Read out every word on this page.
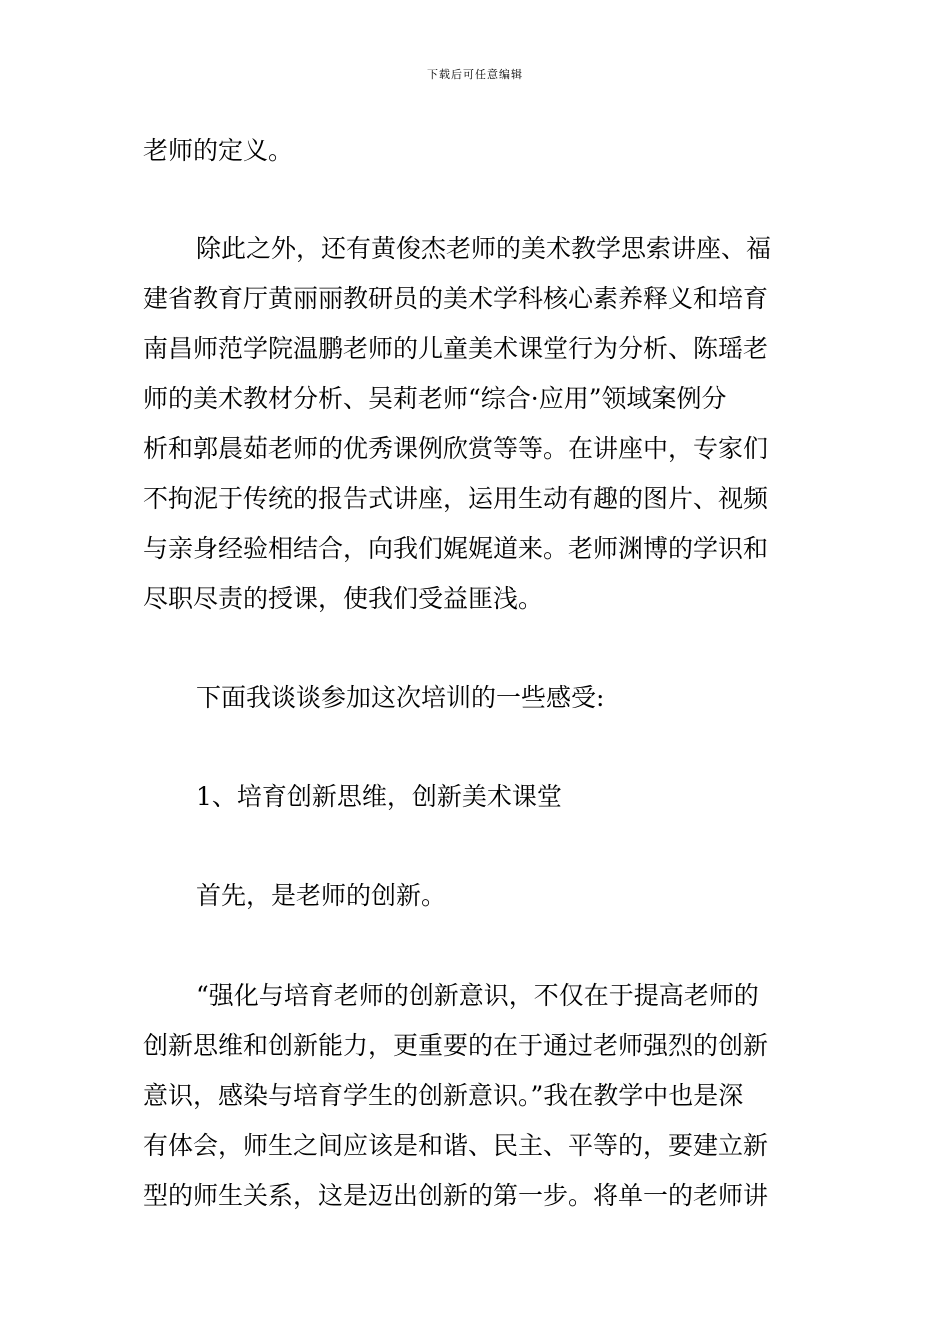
下载后可任意编辑
老师的定义。
除此之外，还有黄俊杰老师的美术教学思索讲座、福
建省教育厅黄丽丽教研员的美术学科核心素养释义和培育
南昌师范学院温鹏老师的儿童美术课堂行为分析、陈瑶老
师的美术教材分析、吴莉老师“综合·应用”领域案例分
析和郭晨茹老师的优秀课例欣赏等等。在讲座中，专家们
不拘泥于传统的报告式讲座，运用生动有趣的图片、视频
与亲身经验相结合，向我们娓娓道来。老师渊博的学识和
尽职尽责的授课，使我们受益匪浅。
下面我谈谈参加这次培训的一些感受:
1、培育创新思维，创新美术课堂
首先，是老师的创新。
“强化与培育老师的创新意识，不仅在于提高老师的
创新思维和创新能力，更重要的在于通过老师强烈的创新
意识，感染与培育学生的创新意识。”我在教学中也是深
有体会，师生之间应该是和谐、民主、平等的，要建立新
型的师生关系，这是迈出创新的第一步。将单一的老师讲
